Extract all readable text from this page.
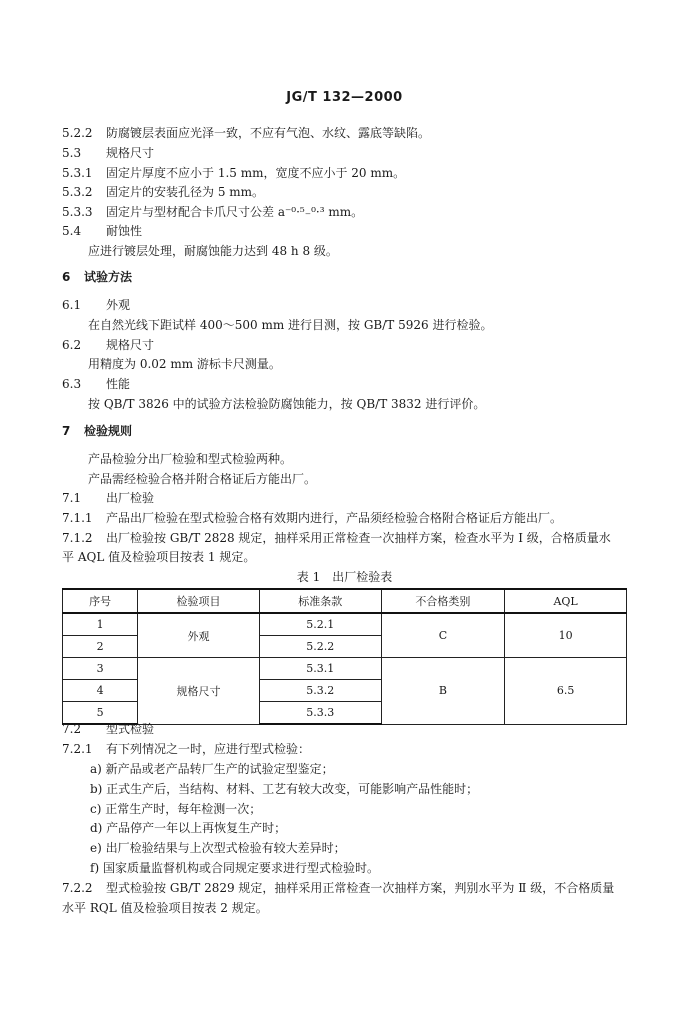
JG/T 132—2000
5.2.2 防腐镀层表面应光泽一致，不应有气泡、水纹、露底等缺陷。
5.3 规格尺寸
5.3.1 固定片厚度不应小于 1.5 mm，宽度不应小于 20 mm。
5.3.2 固定片的安装孔径为 5 mm。
5.3.3 固定片与型材配合卡爪尺寸公差 a⁻⁰·⁵₋⁰·³ mm。
5.4 耐蚀性
应进行镀层处理，耐腐蚀能力达到 48 h 8 级。
6 试验方法
6.1 外观
在自然光线下距试样 400～500 mm 进行目测，按 GB/T 5926 进行检验。
6.2 规格尺寸
用精度为 0.02 mm 游标卡尺测量。
6.3 性能
按 QB/T 3826 中的试验方法检验防腐蚀能力，按 QB/T 3832 进行评价。
7 检验规则
产品检验分出厂检验和型式检验两种。
产品需经检验合格并附合格证后方能出厂。
7.1 出厂检验
7.1.1 产品出厂检验在型式检验合格有效期内进行，产品须经检验合格附合格证后方能出厂。
7.1.2 出厂检验按 GB/T 2828 规定，抽样采用正常检查一次抽样方案，检查水平为 Ⅰ 级，合格质量水
平 AQL 值及检验项目按表 1 规定。
表 1　出厂检验表
序号	检验项目	标准条款	不合格类别	AQL
1	外观	5.2.1	C	10
2		5.2.2		
3	规格尺寸	5.3.1	B	6.5
4		5.3.2		
5		5.3.3		
7.2 型式检验
7.2.1 有下列情况之一时，应进行型式检验：
a) 新产品或老产品转厂生产的试验定型鉴定；
b) 正式生产后，当结构、材料、工艺有较大改变，可能影响产品性能时；
c) 正常生产时，每年检测一次；
d) 产品停产一年以上再恢复生产时；
e) 出厂检验结果与上次型式检验有较大差异时；
f) 国家质量监督机构或合同规定要求进行型式检验时。
7.2.2 型式检验按 GB/T 2829 规定，抽样采用正常检查一次抽样方案，判别水平为 Ⅱ 级，不合格质量
水平 RQL 值及检验项目按表 2 规定。
